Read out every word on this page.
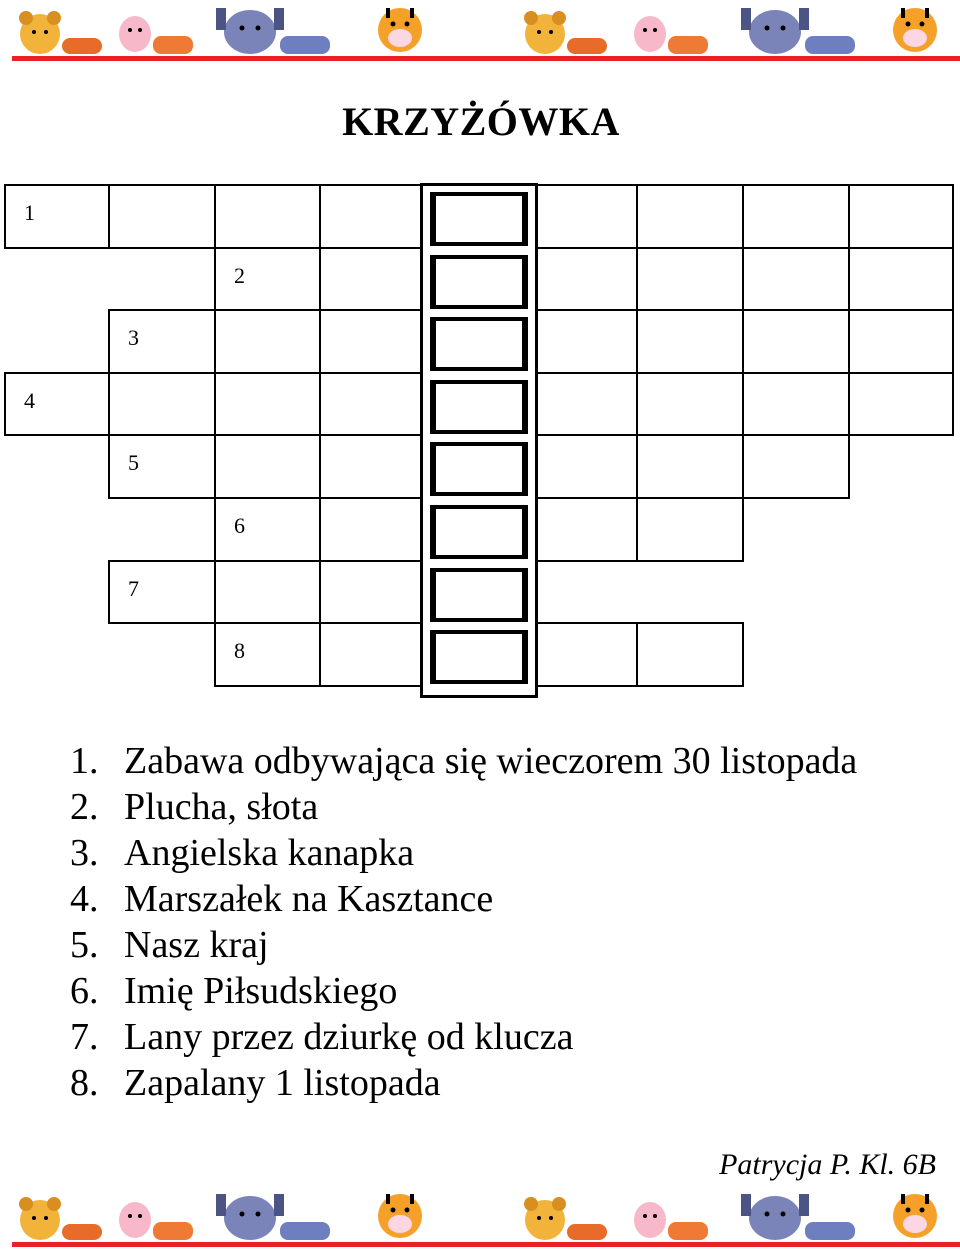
KRZYŻÓWKA
1
2
3
4
5
6
7
8
1. Zabawa odbywająca się wieczorem 30 listopada
2. Plucha, słota
3. Angielska kanapka
4. Marszałek na Kasztance
5. Nasz kraj
6. Imię Piłsudskiego
7. Lany przez dziurkę od klucza
8. Zapalany 1 listopada
Patrycja P. Kl. 6B
